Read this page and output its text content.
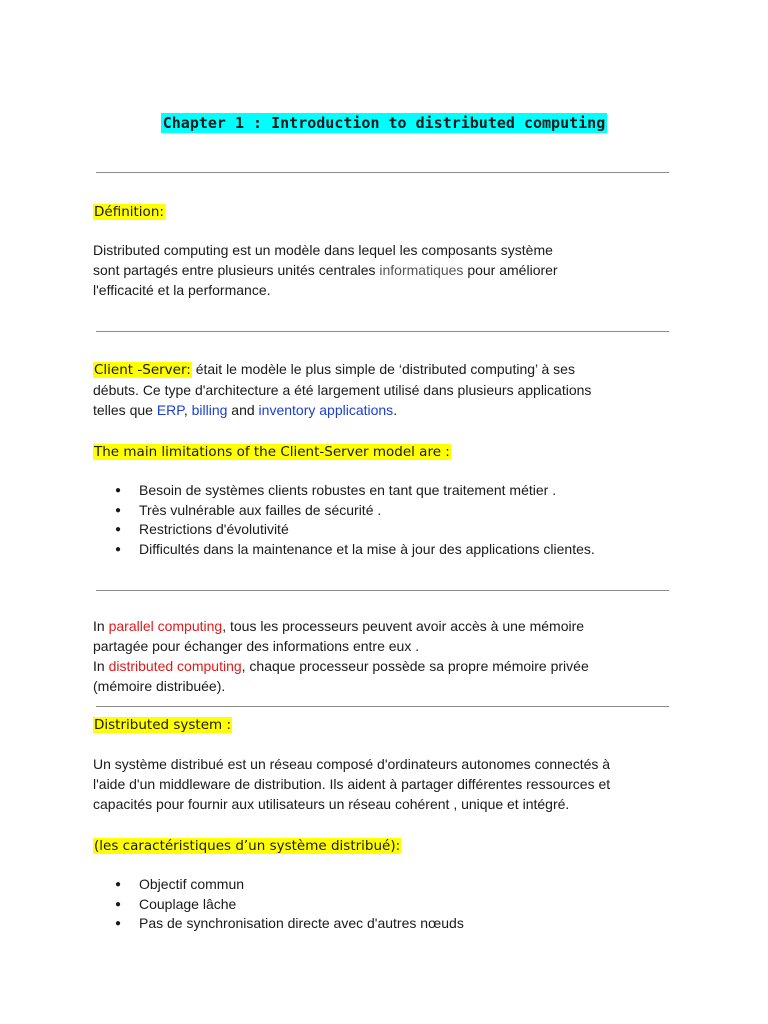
Chapter 1 : Introduction to distributed computing
Définition:
Distributed computing est un modèle dans lequel les composants système
sont partagés entre plusieurs unités centrales informatiques pour améliorer
l'efficacité et la performance.
Client -Server: était le modèle le plus simple de ‘distributed computing’ à ses
débuts. Ce type d'architecture a été largement utilisé dans plusieurs applications
telles que ERP, billing and inventory applications.
The main limitations of the Client-Server model are :
● Besoin de systèmes clients robustes en tant que traitement métier .
● Très vulnérable aux failles de sécurité .
● Restrictions d'évolutivité
● Difficultés dans la maintenance et la mise à jour des applications clientes.
In parallel computing, tous les processeurs peuvent avoir accès à une mémoire
partagée pour échanger des informations entre eux .
In distributed computing, chaque processeur possède sa propre mémoire privée
(mémoire distribuée).
Distributed system :
Un système distribué est un réseau composé d'ordinateurs autonomes connectés à
l'aide d'un middleware de distribution. Ils aident à partager différentes ressources et
capacités pour fournir aux utilisateurs un réseau cohérent , unique et intégré.
(les caractéristiques d’un système distribué):
● Objectif commun
● Couplage lâche
● Pas de synchronisation directe avec d'autres nœuds
